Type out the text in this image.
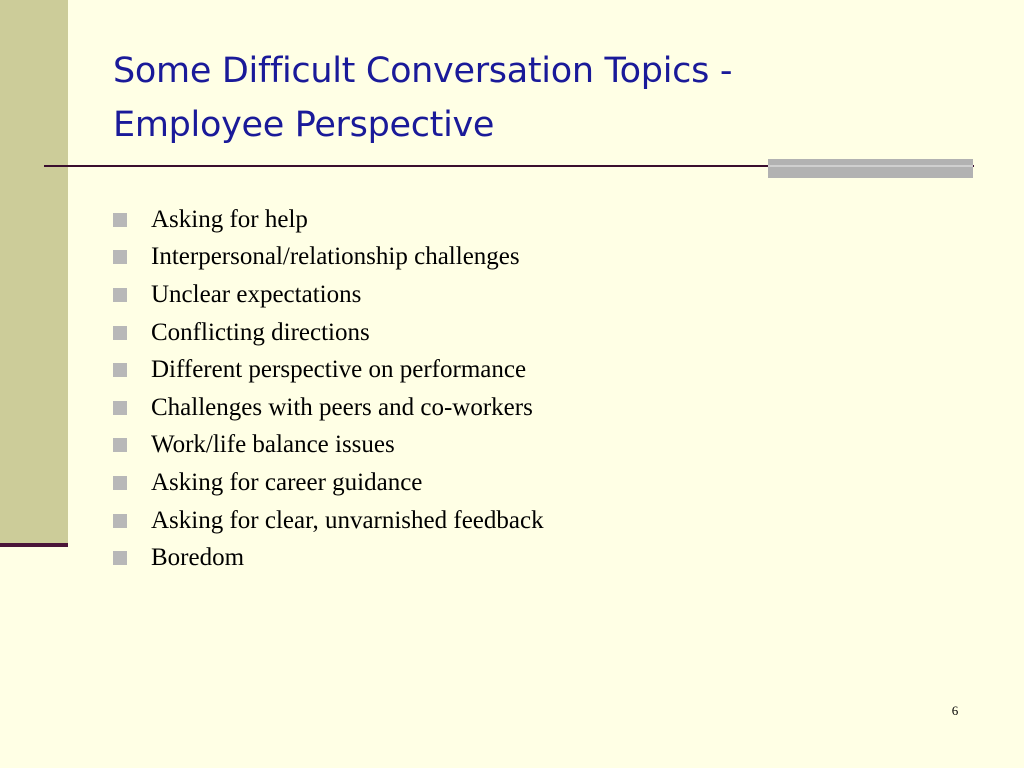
Some Difficult Conversation Topics -
Employee Perspective
Asking for help
Interpersonal/relationship challenges
Unclear expectations
Conflicting directions
Different perspective on performance
Challenges with peers and co-workers
Work/life balance issues
Asking for career guidance
Asking for clear, unvarnished feedback
Boredom
6
